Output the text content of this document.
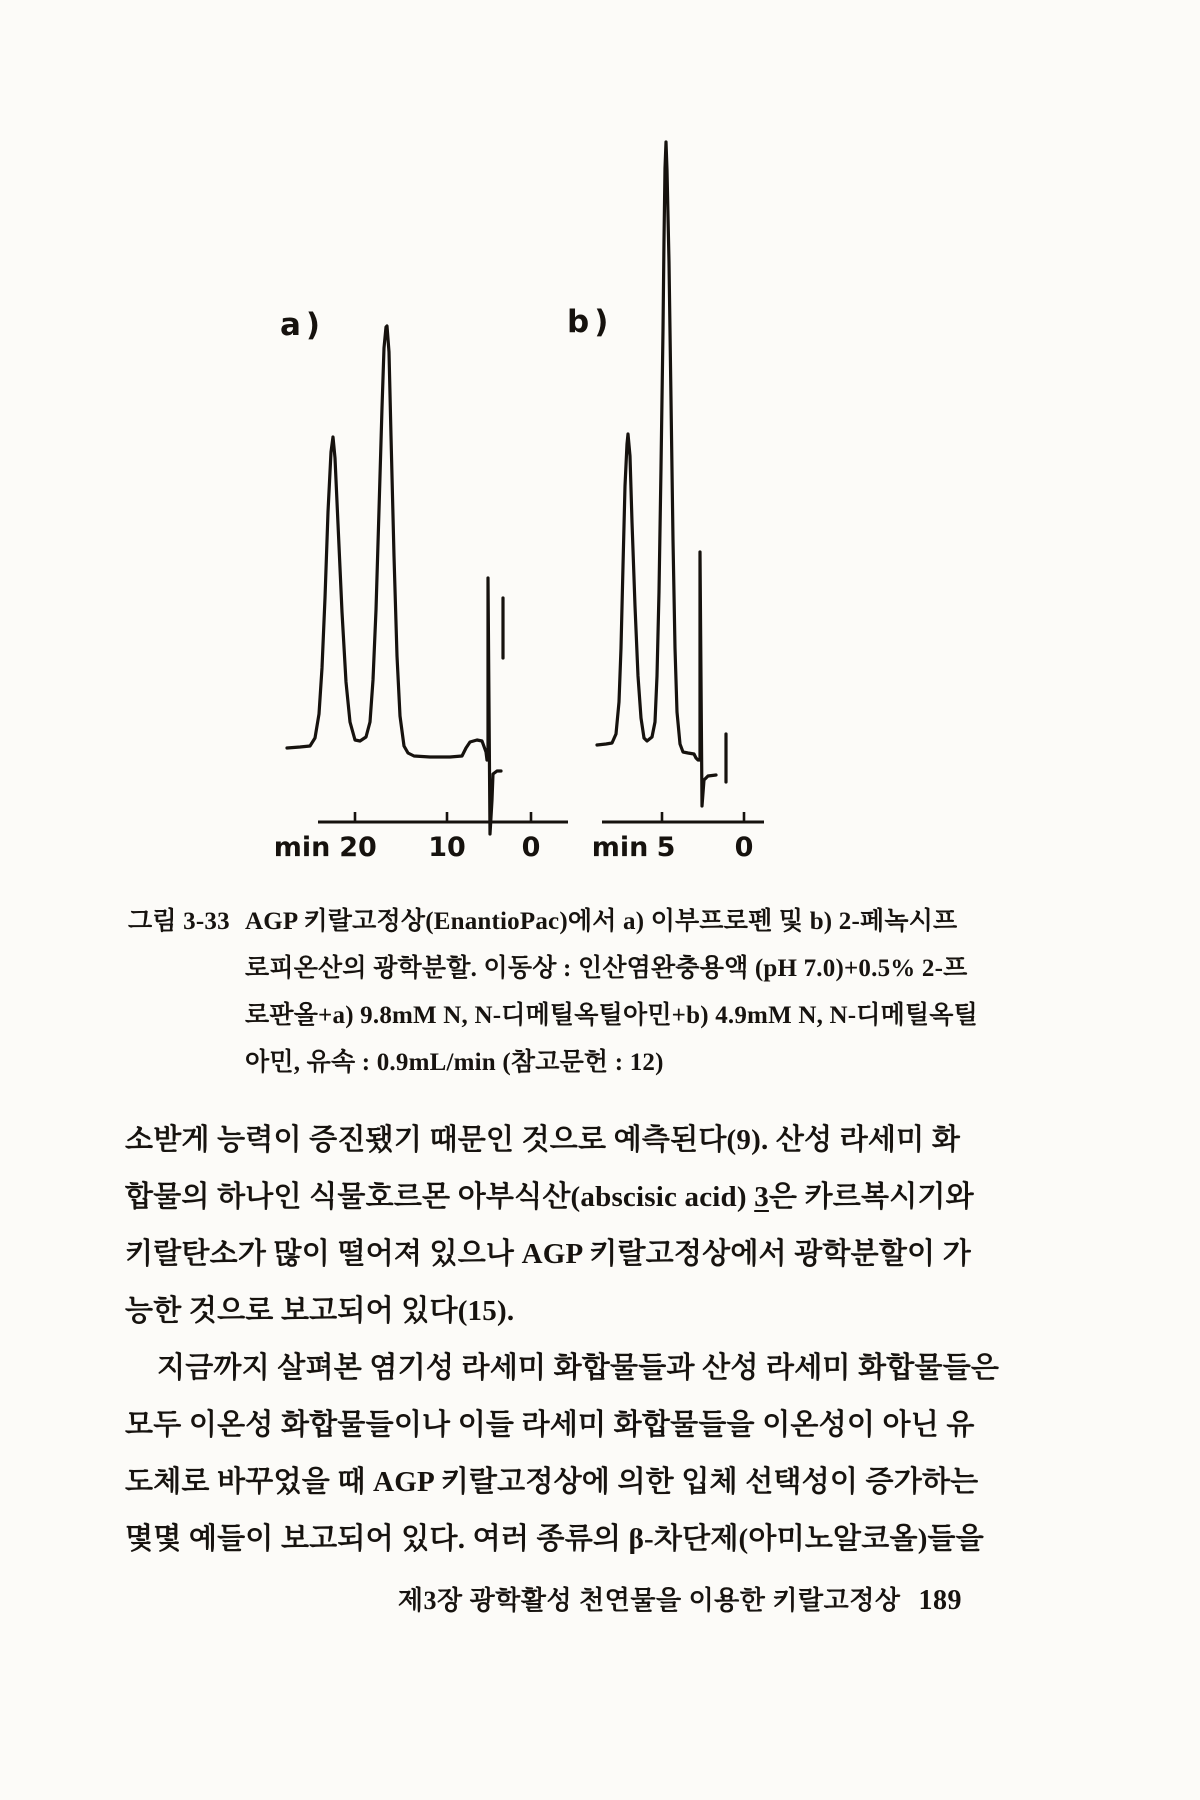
a)
min 20 10 0
b)
min 5 0
그림 3-33 AGP 키랄고정상(EnantioPac)에서 a) 이부프로펜 및 b) 2-페녹시프
로피온산의 광학분할. 이동상 : 인산염완충용액 (pH 7.0)+0.5% 2-프
로판올+a) 9.8mM N, N-디메틸옥틸아민+b) 4.9mM N, N-디메틸옥틸
아민, 유속 : 0.9mL/min (참고문헌 : 12)
소받게 능력이 증진됐기 때문인 것으로 예측된다(9). 산성 라세미 화
합물의 하나인 식물호르몬 아부식산(abscisic acid) 3은 카르복시기와
키랄탄소가 많이 떨어져 있으나 AGP 키랄고정상에서 광학분할이 가
능한 것으로 보고되어 있다(15).
지금까지 살펴본 염기성 라세미 화합물들과 산성 라세미 화합물들은
모두 이온성 화합물들이나 이들 라세미 화합물들을 이온성이 아닌 유
도체로 바꾸었을 때 AGP 키랄고정상에 의한 입체 선택성이 증가하는
몇몇 예들이 보고되어 있다. 여러 종류의 β-차단제(아미노알코올)들을
제3장 광학활성 천연물을 이용한 키랄고정상 189
